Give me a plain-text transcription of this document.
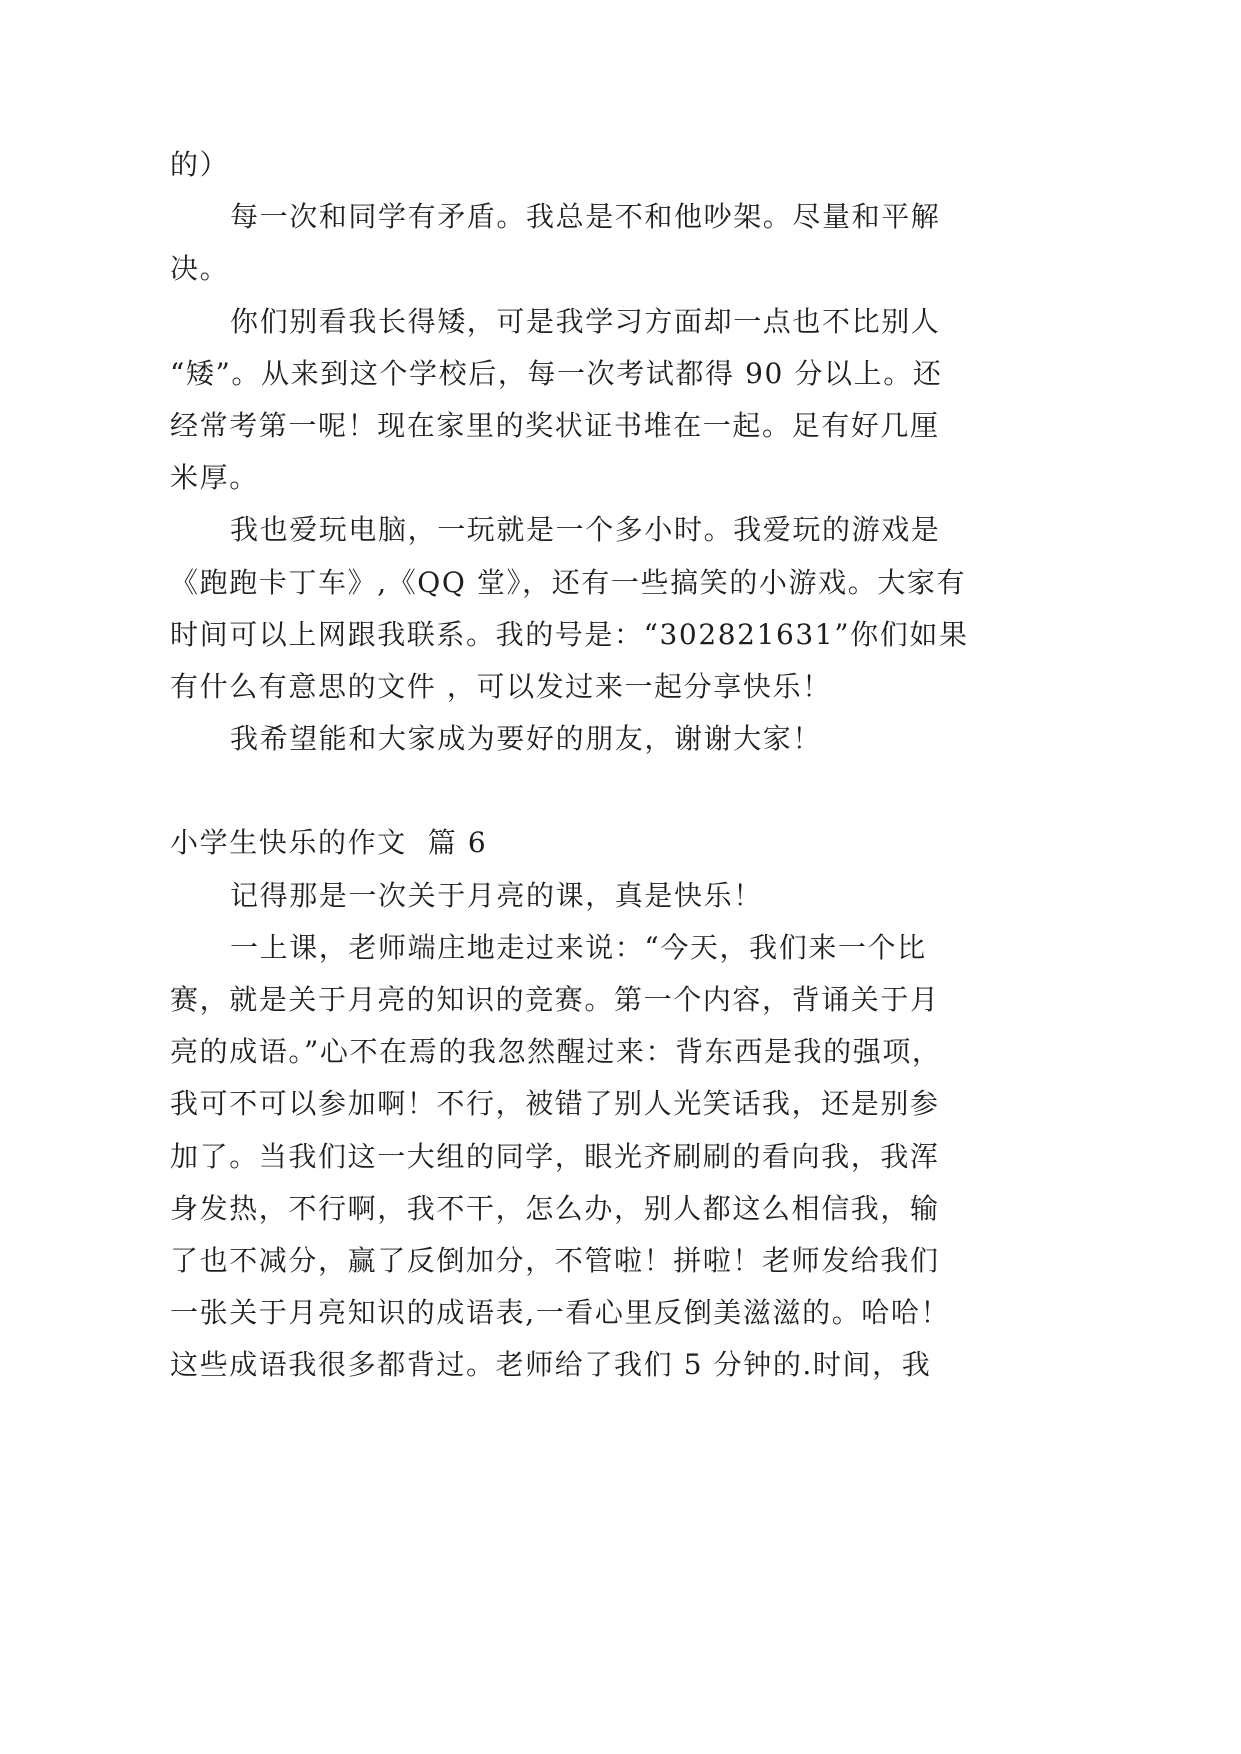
的）
每一次和同学有矛盾。我总是不和他吵架。尽量和平解
决。
你们别看我长得矮，可是我学习方面却一点也不比别人
“矮”。从来到这个学校后，每一次考试都得 90 分以上。还
经常考第一呢！现在家里的奖状证书堆在一起。足有好几厘
米厚。
我也爱玩电脑，一玩就是一个多小时。我爱玩的游戏是
《跑跑卡丁车》,《QQ 堂》，还有一些搞笑的小游戏。大家有
时间可以上网跟我联系。我的号是：“302821631”你们如果
有什么有意思的文件 ，可以发过来一起分享快乐！
我希望能和大家成为要好的朋友，谢谢大家！
小学生快乐的作文  篇 6
记得那是一次关于月亮的课，真是快乐！
一上课，老师端庄地走过来说：“今天，我们来一个比
赛，就是关于月亮的知识的竞赛。第一个内容，背诵关于月
亮的成语。”心不在焉的我忽然醒过来：背东西是我的强项，
我可不可以参加啊！不行，被错了别人光笑话我，还是别参
加了。当我们这一大组的同学，眼光齐刷刷的看向我，我浑
身发热，不行啊，我不干，怎么办，别人都这么相信我，输
了也不减分，赢了反倒加分，不管啦！拼啦！老师发给我们
一张关于月亮知识的成语表,一看心里反倒美滋滋的。哈哈！
这些成语我很多都背过。老师给了我们 5 分钟的.时间，我
